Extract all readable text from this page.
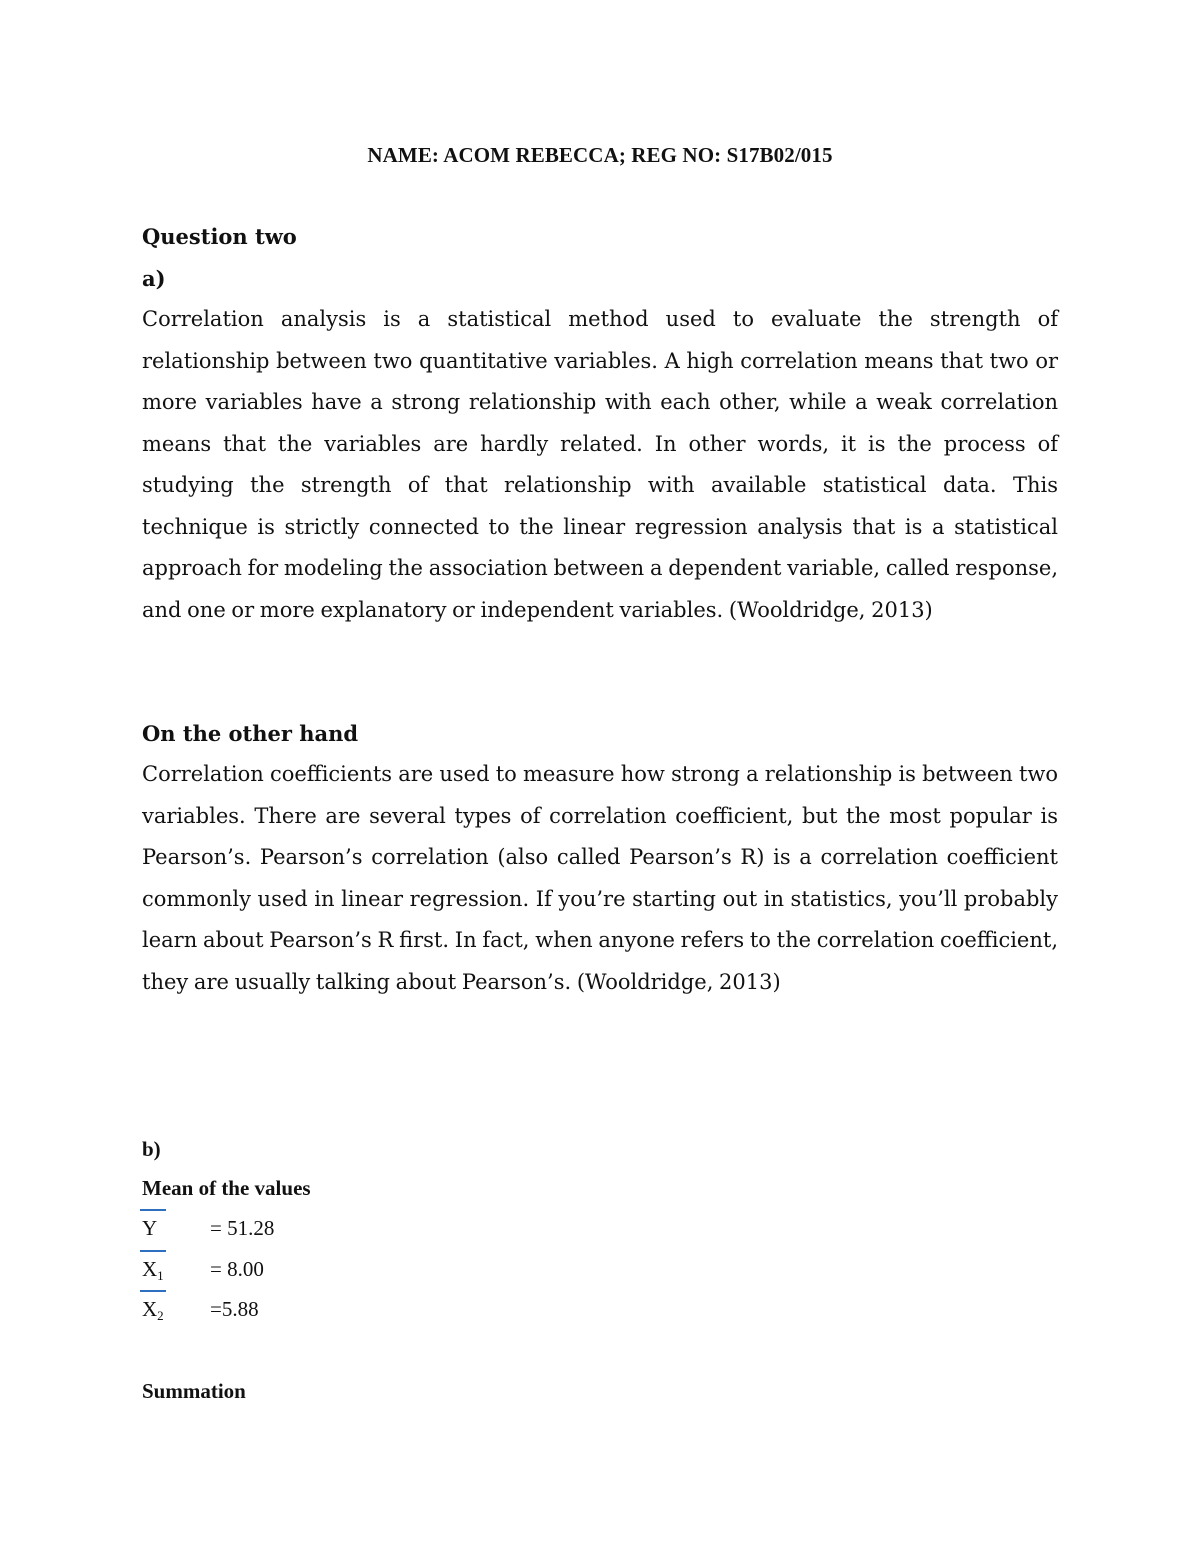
NAME: ACOM REBECCA; REG NO: S17B02/015
Question two
a)

Correlation analysis is a statistical method used to evaluate the strength of relationship between two quantitative variables. A high correlation means that two or more variables have a strong relationship with each other, while a weak correlation means that the variables are hardly related. In other words, it is the process of studying the strength of that relationship with available statistical data. This technique is strictly connected to the linear regression analysis that is a statistical approach for modeling the association between a dependent variable, called response, and one or more explanatory or independent variables. (Wooldridge, 2013)

On the other hand

Correlation coefficients are used to measure how strong a relationship is between two variables. There are several types of correlation coefficient, but the most popular is Pearson’s. Pearson’s correlation (also called Pearson’s R) is a correlation coefficient commonly used in linear regression. If you’re starting out in statistics, you’ll probably learn about Pearson’s R first. In fact, when anyone refers to the correlation coefficient, they are usually talking about Pearson’s. (Wooldridge, 2013)

b)
Mean of the values
Y	= 51.28
$X_1 = 8.00$
$X_2 =5.88$
Summation
